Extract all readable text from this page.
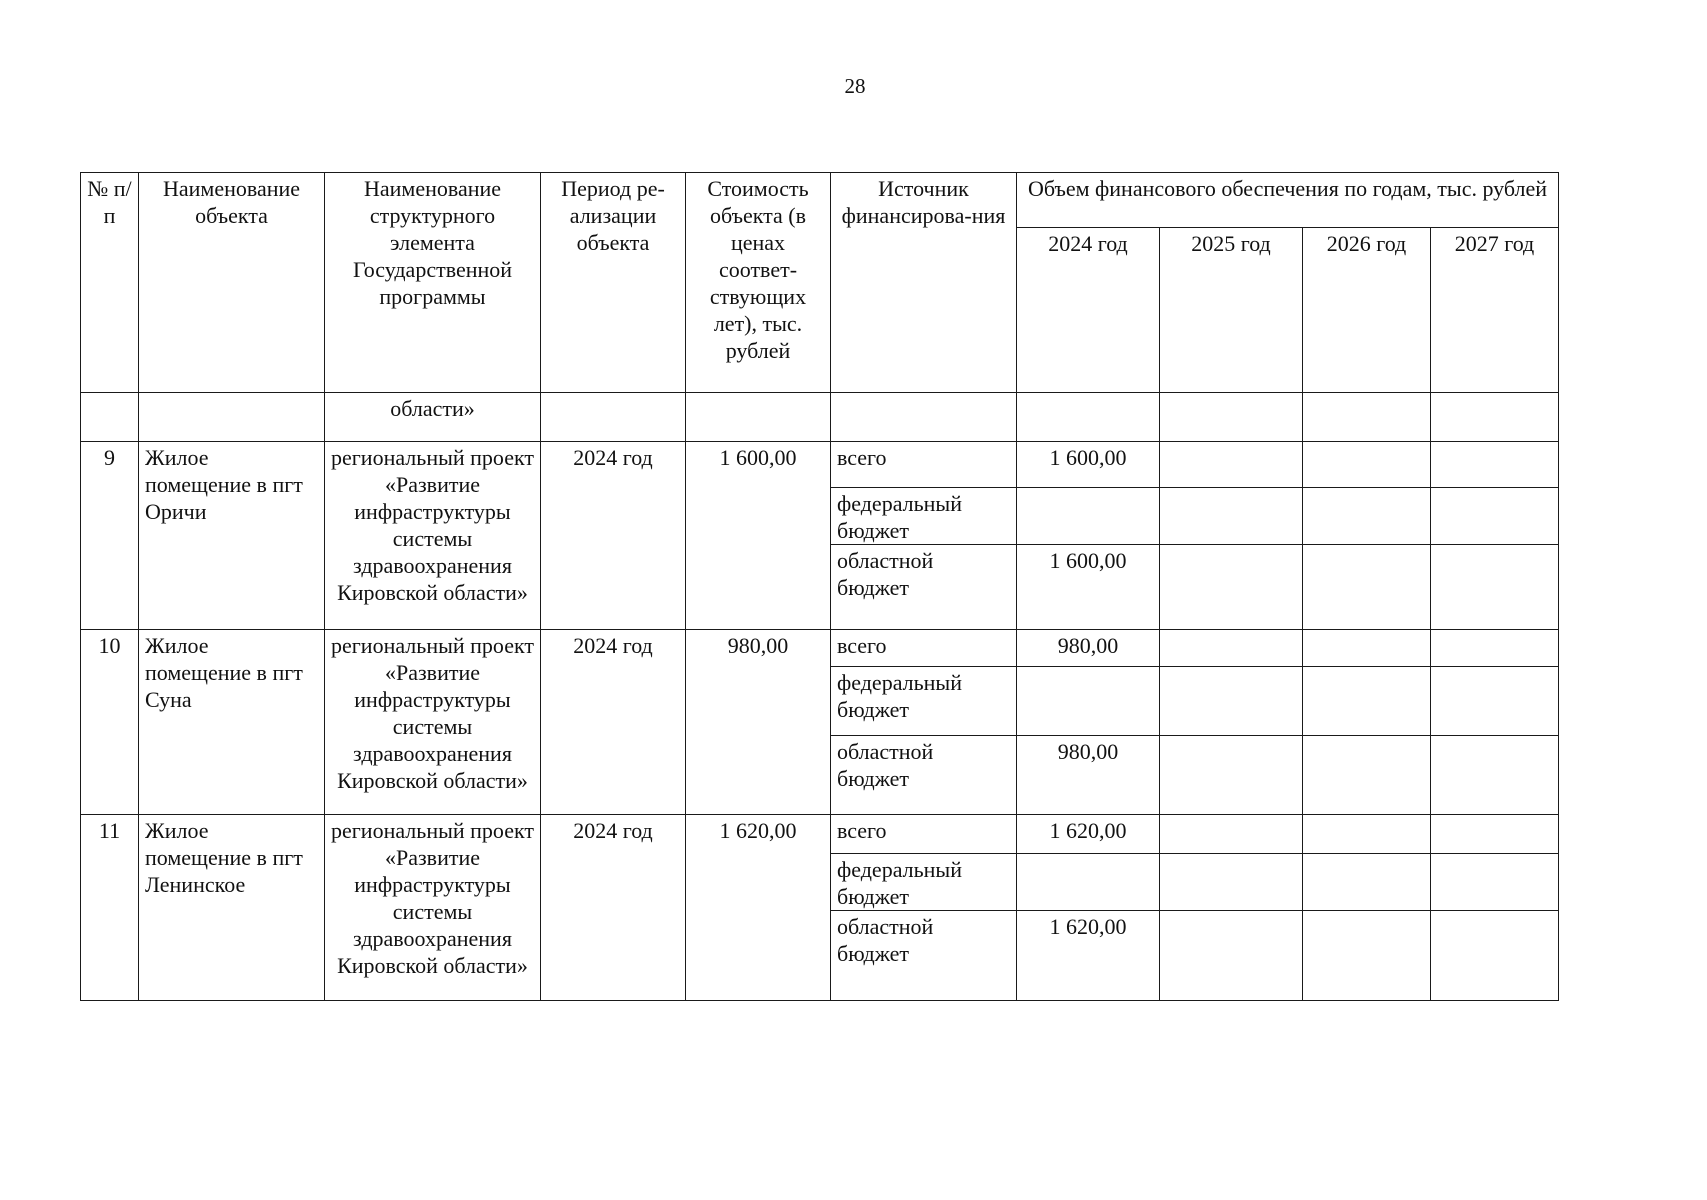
28
№ п/п	Наименование объекта	Наименование структурного элемента Государственной программы	Период ре-ализации объекта	Стоимость объекта (в ценах соответ-ствующих лет), тыс. рублей	Источник финансирова-ния	Объем финансового обеспечения по годам, тыс. рублей			
						2024 год	2025 год	2026 год	2027 год
		области»							
9	Жилое помещение в пгт Оричи	региональный проект «Развитие инфраструктуры системы здравоохранения Кировской области»	2024 год	1 600,00	всего	1 600,00			
					федеральный бюджет				
					областной бюджет	1 600,00			
10	Жилое помещение в пгт Суна	региональный проект «Развитие инфраструктуры системы здравоохранения Кировской области»	2024 год	980,00	всего	980,00			
					федеральный бюджет				
					областной бюджет	980,00			
11	Жилое помещение в пгт Ленинское	региональный проект «Развитие инфраструктуры системы здравоохранения Кировской области»	2024 год	1 620,00	всего	1 620,00			
					федеральный бюджет				
					областной бюджет	1 620,00			
